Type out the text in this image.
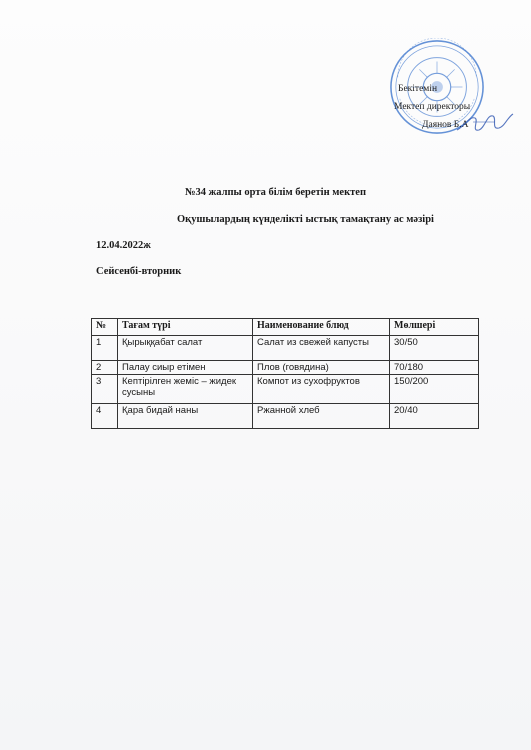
Бекітемін
Мектеп директоры
Даянов Б.А
№34 жалпы орта білім беретін мектеп
Оқушылардың күнделікті ыстық тамақтану ас мәзірі
12.04.2022ж
Сейсенбі-вторник
№	Тағам түрі	Наименование блюд	Мөлшері
1	Қырыққабат салат	Салат из свежей капусты	30/50
2	Палау сиыр етімен	Плов (говядина)	70/180
3	Кептірілген жеміс – жидек сусыны	Компот из сухофруктов	150/200
4	Қара бидай наны	Ржанной хлеб	20/40
